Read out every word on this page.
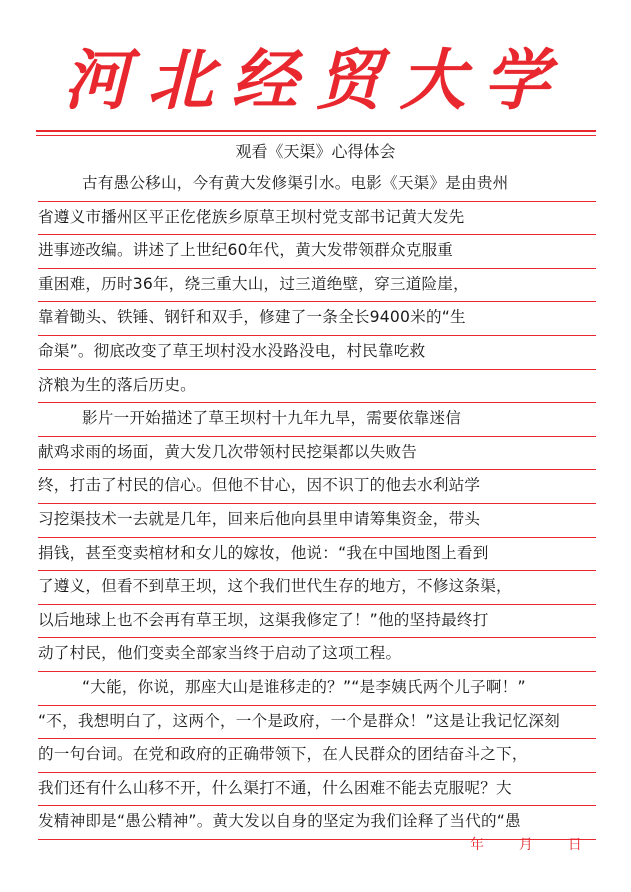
河北经贸大学
观看《天渠》心得体会
古有愚公移山，今有黄大发修渠引水。电影《天渠》是由贵州
省遵义市播州区平正仡佬族乡原草王坝村党支部书记黄大发先
进事迹改编。讲述了上世纪60年代，黄大发带领群众克服重
重困难，历时36年，绕三重大山，过三道绝壁，穿三道险崖，
靠着锄头、铁锤、钢钎和双手，修建了一条全长9400米的“生
命渠”。彻底改变了草王坝村没水没路没电，村民靠吃救
济粮为生的落后历史。
影片一开始描述了草王坝村十九年九旱，需要依靠迷信
献鸡求雨的场面，黄大发几次带领村民挖渠都以失败告
终，打击了村民的信心。但他不甘心，因不识丁的他去水利站学
习挖渠技术一去就是几年，回来后他向县里申请筹集资金，带头
捐钱，甚至变卖棺材和女儿的嫁妆，他说：“我在中国地图上看到
了遵义，但看不到草王坝，这个我们世代生存的地方，不修这条渠，
以后地球上也不会再有草王坝，这渠我修定了！”他的坚持最终打
动了村民，他们变卖全部家当终于启动了这项工程。
“大能，你说，那座大山是谁移走的？”“是李姨氏两个儿子啊！”
“不，我想明白了，这两个，一个是政府，一个是群众！”这是让我记忆深刻
的一句台词。在党和政府的正确带领下，在人民群众的团结奋斗之下，
我们还有什么山移不开，什么渠打不通，什么困难不能去克服呢？大
发精神即是“愚公精神”。黄大发以自身的坚定为我们诠释了当代的“愚
年 月 日
